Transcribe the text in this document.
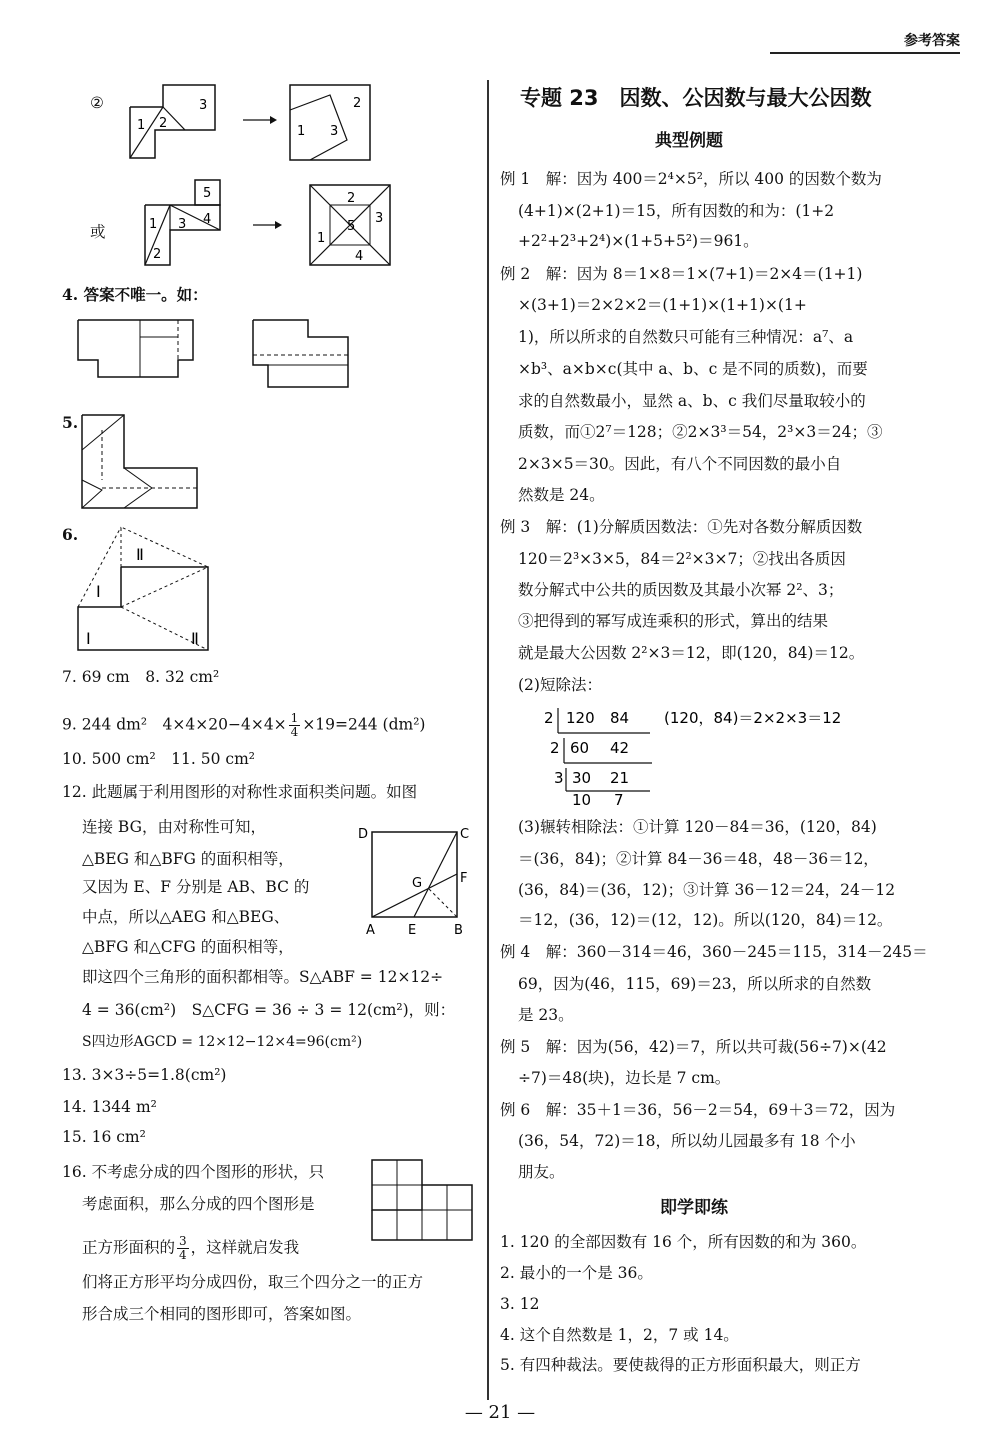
参考答案
②
1 2
3
1
2
3
或
5
4
3
1
2
2
5
1
3
4
4. 答案不唯一。如：
5.
6.
Ⅱ
Ⅰ
Ⅰ	Ⅱ
7. 69 cm　8. 32 cm²
9. 244 dm²　$4\times 4\times 20-4\times 4\times \frac{1}{4} \times 19=244$ (dm²)
10. 500 cm²　11. 50 cm²
12. 此题属于利用图形的对称性求面积类问题。如图
连接 BG，由对称性可知，
△BEG 和△BFG 的面积相等，
又因为 E、F 分别是 AB、BC 的
中点，所以△AEG 和△BEG、
△BFG 和△CFG 的面积相等，
即这四个三角形的面积都相等。S△ABF = 12×12÷
4 = 36(cm²)　S△CFG = 36 ÷ 3 = 12(cm²)，则：
S四边形AGCD = 12×12−12×4=96(cm²)
D	C
F
G
A	E	B
13. 3×3÷5=1.8(cm²)
14. 1344 m²
15. 16 cm²
16. 不考虑分成的四个图形的形状，只
考虑面积，那么分成的四个图形是
正方形面积的 $\frac{3}{4}$ ，这样就启发我
们将正方形平均分成四份，取三个四分之一的正方
形合成三个相同的图形即可，答案如图。
专题 23　因数、公因数与最大公因数
典型例题
例 1　解：因为 400＝2⁴×5²，所以 400 的因数个数为
(4+1)×(2+1)＝15，所有因数的和为：(1+2
+2²+2³+2⁴)×(1+5+5²)＝961。
例 2　解：因为 8＝1×8＝1×(7+1)＝2×4＝(1+1)
×(3+1)＝2×2×2＝(1+1)×(1+1)×(1+
1)，所以所求的自然数只可能有三种情况：a⁷、a
×b³、a×b×c(其中 a、b、c 是不同的质数)，而要
求的自然数最小，显然 a、b、c 我们尽量取较小的
质数，而①2⁷＝128；②2×3³＝54，2³×3＝24；③
2×3×5＝30。因此，有八个不同因数的最小自
然数是 24。
例 3　解：(1)分解质因数法：①先对各数分解质因数
120＝2³×3×5，84＝2²×3×7；②找出各质因
数分解式中公共的质因数及其最小次幂 2²、3；
③把得到的幂写成连乘积的形式，算出的结果
就是最大公因数 2²×3＝12，即(120，84)＝12。
(2)短除法：
2 120 84
2 60 42
3 30 21
10 7
(120，84)＝2×2×3＝12
(3)辗转相除法：①计算 120－84＝36，(120，84)
＝(36，84)；②计算 84－36＝48，48－36＝12，
(36，84)＝(36，12)；③计算 36－12＝24，24－12
＝12，(36，12)＝(12，12)。所以(120，84)＝12。
例 4　解：360－314＝46，360－245＝115，314－245＝
69，因为(46，115，69)＝23，所以所求的自然数
是 23。
例 5　解：因为(56，42)＝7，所以共可裁(56÷7)×(42
÷7)＝48(块)，边长是 7 cm。
例 6　解：35＋1＝36，56－2＝54，69＋3＝72，因为
(36，54，72)＝18，所以幼儿园最多有 18 个小
朋友。
即学即练
1. 120 的全部因数有 16 个，所有因数的和为 360。
2. 最小的一个是 36。
3. 12
4. 这个自然数是 1，2，7 或 14。
5. 有四种裁法。要使裁得的正方形面积最大，则正方
— 21 —
